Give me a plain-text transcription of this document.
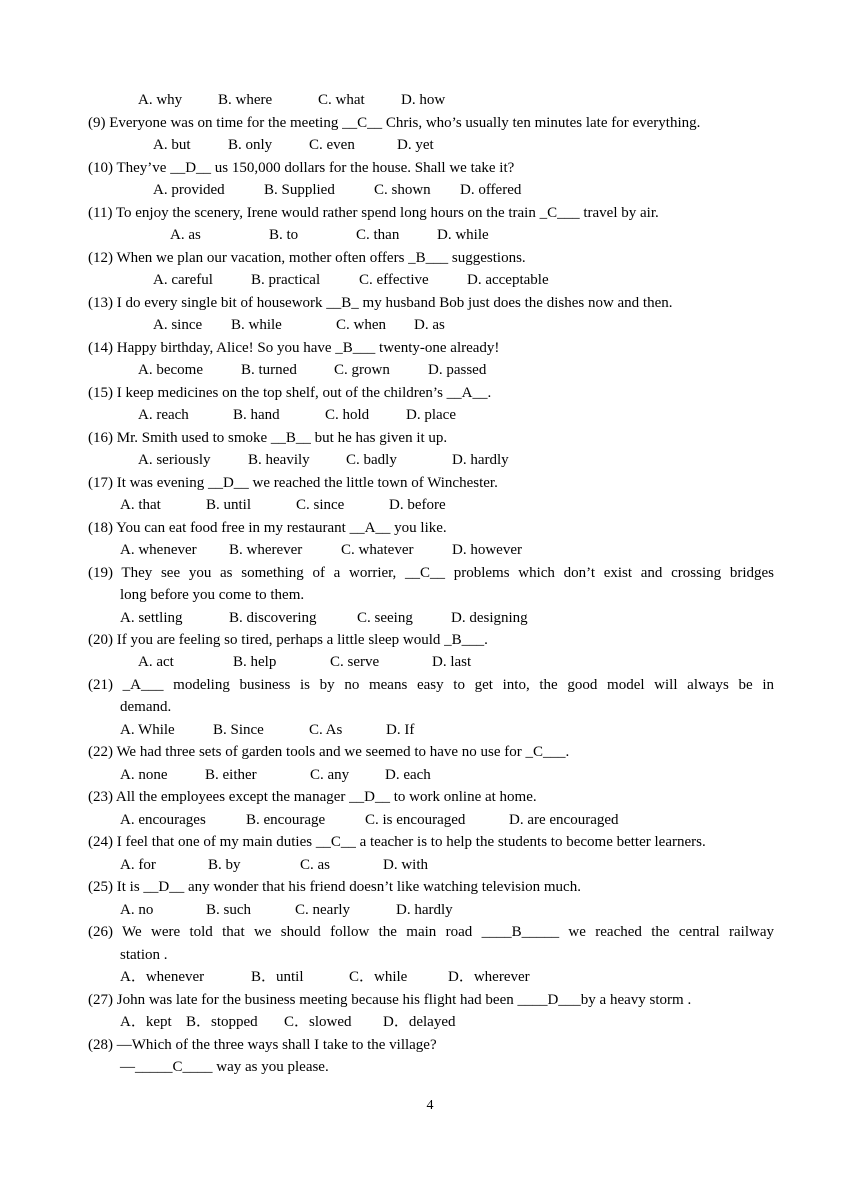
A. why B. where	C. what D. how
(9) Everyone was on time for the meeting __C__ Chris, who’s usually ten minutes late for everything.
A. but	B. only C. even	D. yet
(10) They’ve __D__ us 150,000 dollars for the house. Shall we take it?
A. provided	B. Supplied	C. shown D. offered
(11) To enjoy the scenery, Irene would rather spend long hours on the train _C___ travel by air.
A. as	B. to	C. than	D. while
(12) When we plan our vacation, mother often offers _B___ suggestions.
A. careful	B. practical	C. effective	D. acceptable
(13) I do every single bit of housework __B_ my husband Bob just does the dishes now and then.
A. since B. while	C. when D. as
(14) Happy birthday, Alice! So you have _B___ twenty-one already!
A. become	B. turned C. grown	D. passed
(15) I keep medicines on the top shelf, out of the children’s __A__.
A. reach	B. hand	C. hold D. place
(16) Mr. Smith used to smoke __B__ but he has given it up.
A. seriously	B. heavily C. badly	D. hardly
(17) It was evening __D__ we reached the little town of Winchester.
A. that	B. until	C. since	D. before
(18) You can eat food free in my restaurant __A__ you like.
A. whenever B. wherever	C. whatever	D. however
(19) They see you as something of a worrier, __C__ problems which don’t exist and crossing bridges
long before you come to them.
A. settling	B. discovering	C. seeing	D. designing
(20) If you are feeling so tired, perhaps a little sleep would _B___.
A. act	B. help	C. serve	D. last
(21) _A___ modeling business is by no means easy to get into, the good model will always be in
demand.
A. While	B. Since	C. As	D. If
(22) We had three sets of garden tools and we seemed to have no use for _C___.
A. none	B. either	C. any D. each
(23) All the employees except the manager __D__ to work online at home.
A. encourages	B. encourage	C. is encouraged	D. are encouraged
(24) I feel that one of my main duties __C__ a teacher is to help the students to become better learners.
A. for	B. by	C. as	D. with
(25) It is __D__ any wonder that his friend doesn’t like watching television much.
A. no	B. such	C. nearly	D. hardly
(26) We were told that we should follow the main road ____B_____ we reached the central railway
station .
A．whenever	B．until	C．while	D．wherever
(27) John was late for the business meeting because his flight had been ____D___by a heavy storm .
A．kept B．stopped C．slowed D．delayed
(28) —Which of the three ways shall I take to the village?
—_____C____ way as you please.
4
